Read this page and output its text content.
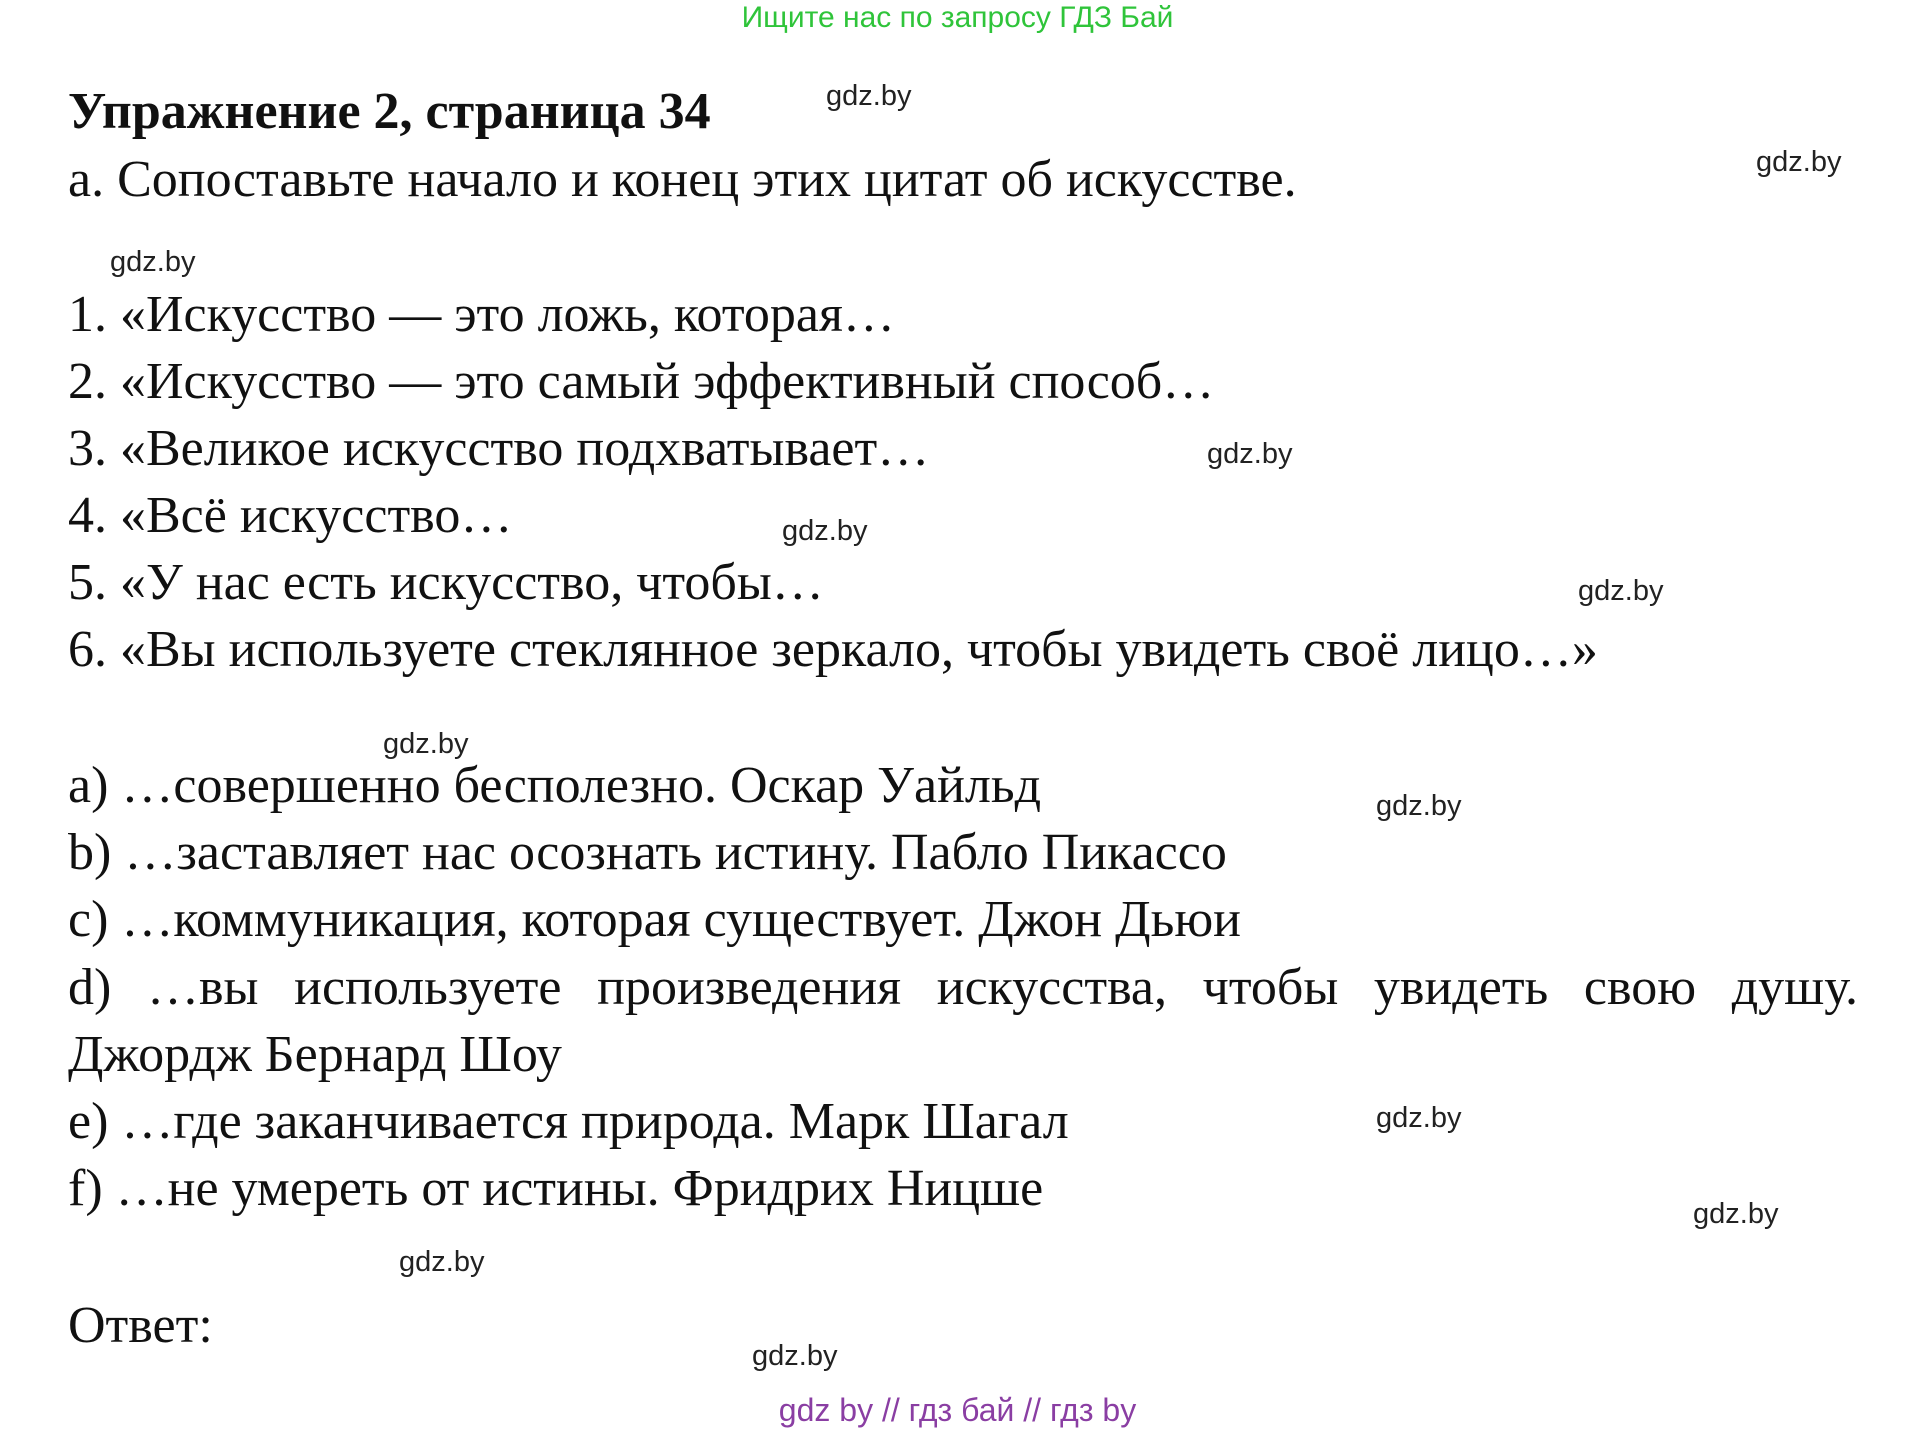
Ищите нас по запросу ГДЗ Бай
Упражнение 2, страница 34
a. Сопоставьте начало и конец этих цитат об искусстве.
1. «Искусство — это ложь, которая…
2. «Искусство — это самый эффективный способ…
3. «Великое искусство подхватывает…
4. «Всё искусство…
5. «У нас есть искусство, чтобы…
6. «Вы используете стеклянное зеркало, чтобы увидеть своё лицо…»
a) …совершенно бесполезно. Оскар Уайльд
b) …заставляет нас осознать истину. Пабло Пикассо
c) …коммуникация, которая существует. Джон Дьюи
d) …вы используете произведения искусства, чтобы увидеть свою душу. Джордж Бернард Шоу
e) …где заканчивается природа. Марк Шагал
f) …не умереть от истины. Фридрих Ницше
Ответ:
gdz.by
gdz.by
gdz.by
gdz.by
gdz.by
gdz.by
gdz.by
gdz.by
gdz.by
gdz.by
gdz.by
gdz.by
gdz by // гдз бай // гдз by
